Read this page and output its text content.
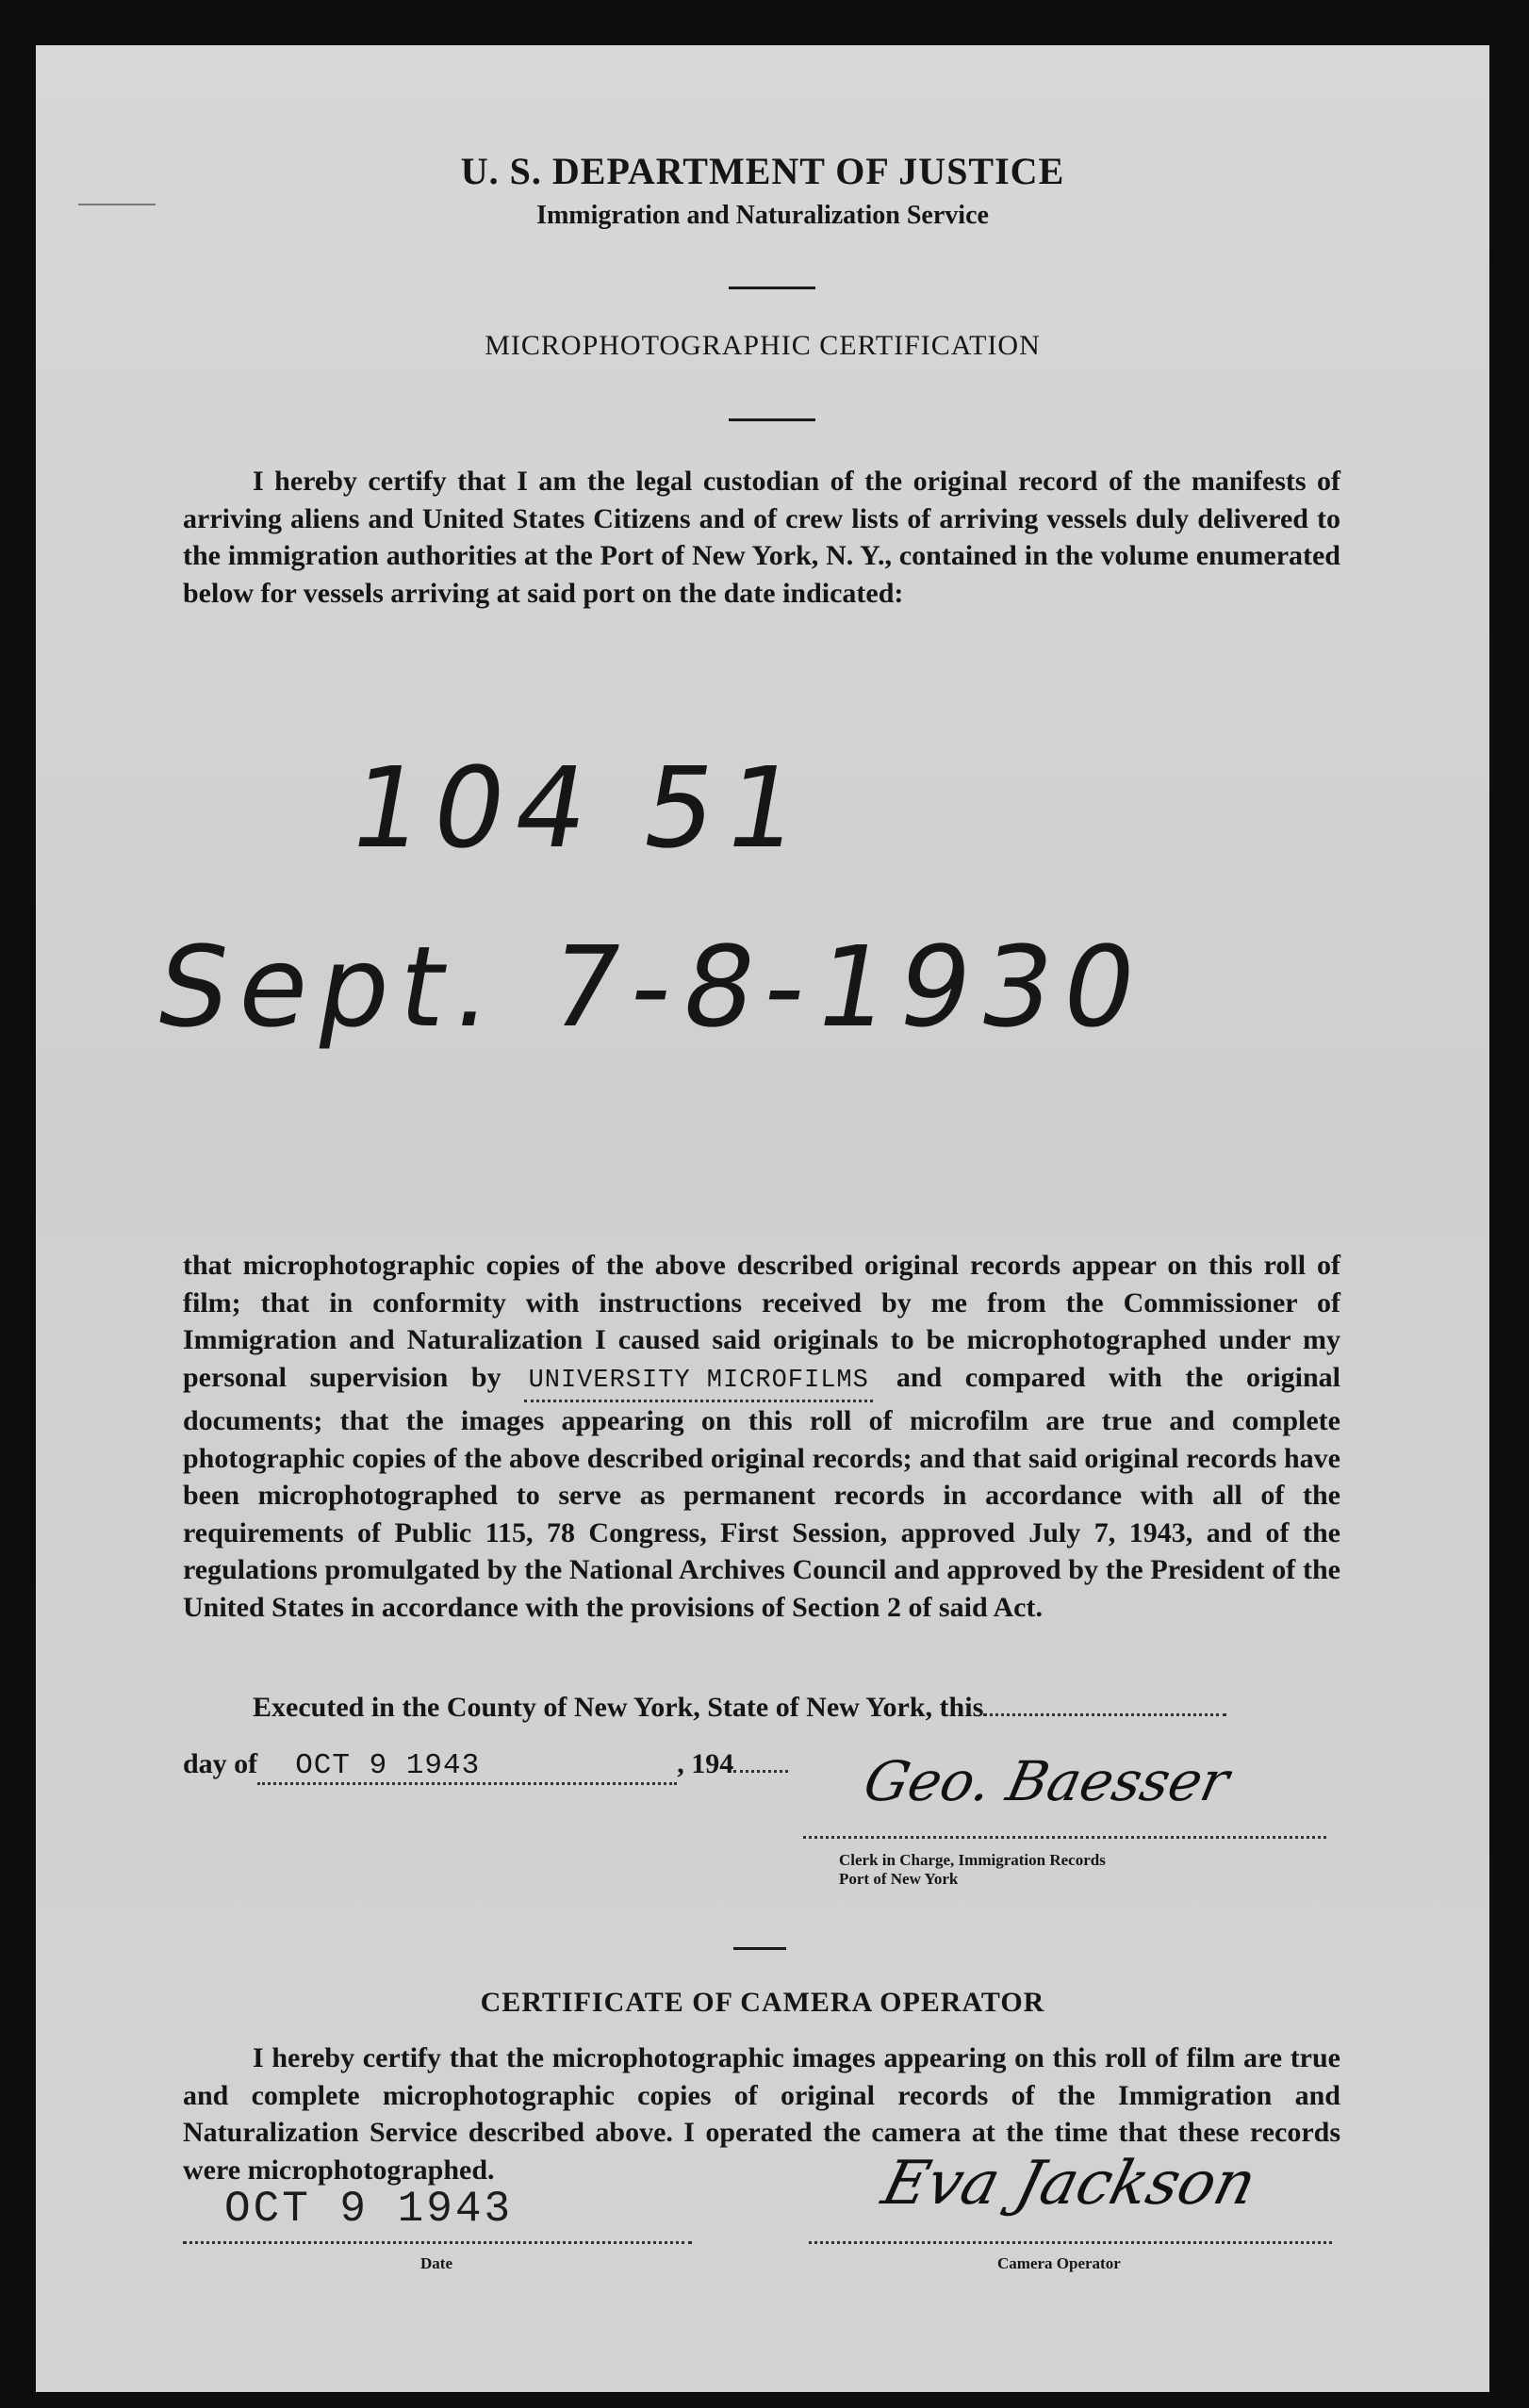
U. S. DEPARTMENT OF JUSTICE
Immigration and Naturalization Service
MICROPHOTOGRAPHIC CERTIFICATION
I hereby certify that I am the legal custodian of the original record of the manifests of arriving aliens and United States Citizens and of crew lists of arriving vessels duly delivered to the immigration authorities at the Port of New York, N. Y., contained in the volume enumerated below for vessels arriving at said port on the date indicated:
104 51
Sept. 7-8-1930
that microphotographic copies of the above described original records appear on this roll of film; that in conformity with instructions received by me from the Commissioner of Immigration and Naturalization I caused said originals to be microphotographed under my personal supervision by UNIVERSITY MICROFILMS and compared with the original documents; that the images appearing on this roll of microfilm are true and complete photographic copies of the above described original records; and that said original records have been microphotographed to serve as permanent records in accordance with all of the requirements of Public 115, 78 Congress, First Session, approved July 7, 1943, and of the regulations promulgated by the National Archives Council and approved by the President of the United States in accordance with the provisions of Section 2 of said Act.
Executed in the County of New York, State of New York, this
day of OCT 9 1943	, 194	Geo. Baesser
Clerk in Charge, Immigration Records
Port of New York
CERTIFICATE OF CAMERA OPERATOR
I hereby certify that the microphotographic images appearing on this roll of film are true and complete microphotographic copies of original records of the Immigration and Naturalization Service described above. I operated the camera at the time that these records were microphotographed.
OCT 9 1943
Date
Eva Jackson
Camera Operator
